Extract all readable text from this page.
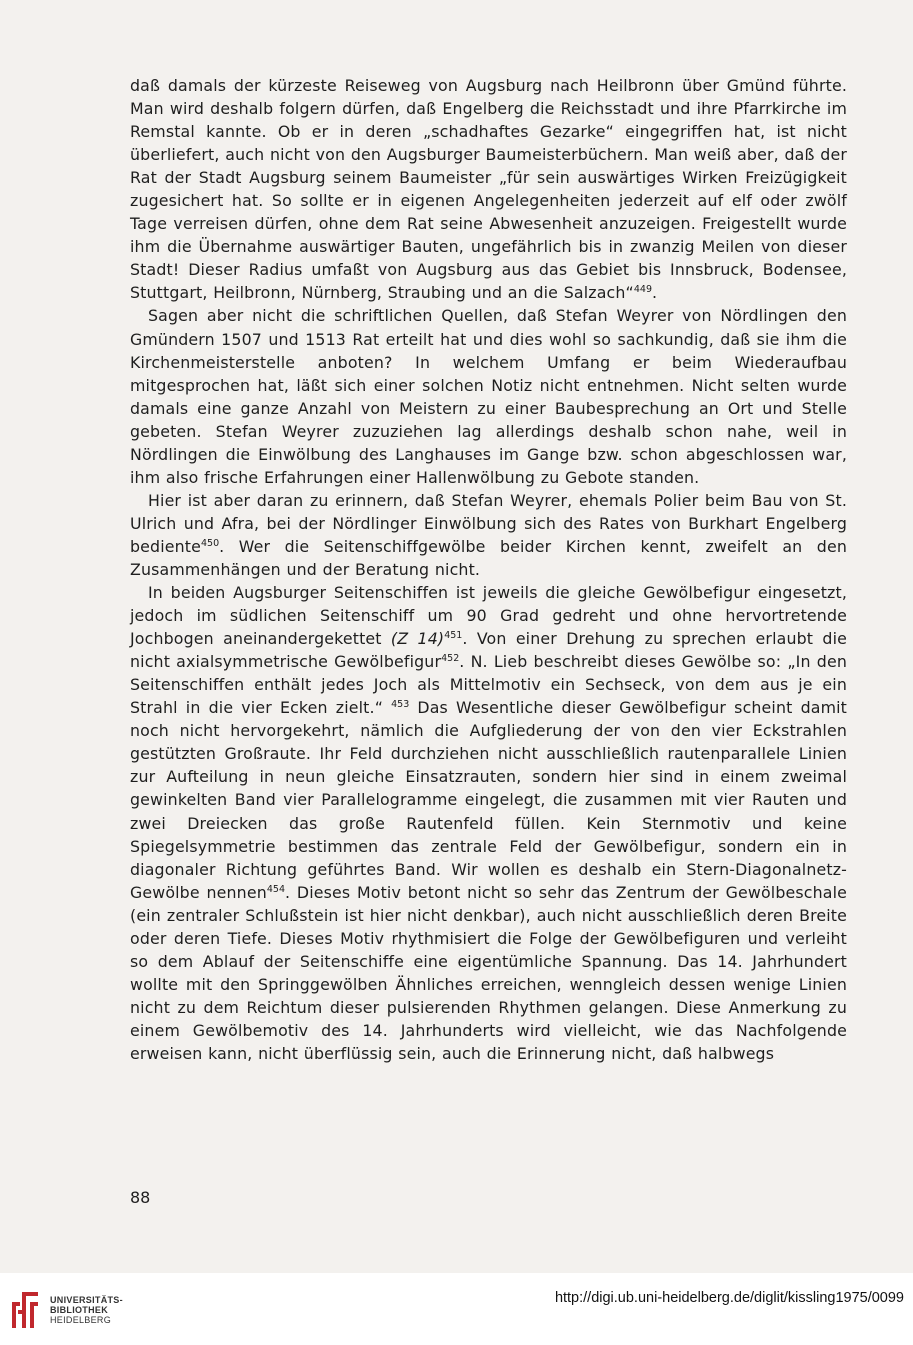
daß damals der kürzeste Reiseweg von Augsburg nach Heilbronn über Gmünd führte. Man wird deshalb folgern dürfen, daß Engelberg die Reichsstadt und ihre Pfarrkirche im Remstal kannte. Ob er in deren „schadhaftes Gezarke“ eingegriffen hat, ist nicht überliefert, auch nicht von den Augsburger Baumeisterbüchern. Man weiß aber, daß der Rat der Stadt Augsburg seinem Baumeister „für sein auswärtiges Wirken Freizügigkeit zugesichert hat. So sollte er in eigenen Angelegenheiten jederzeit auf elf oder zwölf Tage verreisen dürfen, ohne dem Rat seine Abwesenheit anzuzeigen. Freigestellt wurde ihm die Übernahme auswärtiger Bauten, ungefährlich bis in zwanzig Meilen von dieser Stadt! Dieser Radius umfaßt von Augsburg aus das Gebiet bis Innsbruck, Bodensee, Stuttgart, Heilbronn, Nürnberg, Straubing und an die Salzach“$^{449}$.

Sagen aber nicht die schriftlichen Quellen, daß Stefan Weyrer von Nördlingen den Gmündern 1507 und 1513 Rat erteilt hat und dies wohl so sachkundig, daß sie ihm die Kirchenmeisterstelle anboten? In welchem Umfang er beim Wiederaufbau mitgesprochen hat, läßt sich einer solchen Notiz nicht entnehmen. Nicht selten wurde damals eine ganze Anzahl von Meistern zu einer Baubesprechung an Ort und Stelle gebeten. Stefan Weyrer zuzuziehen lag allerdings deshalb schon nahe, weil in Nördlingen die Einwölbung des Langhauses im Gange bzw. schon abgeschlossen war, ihm also frische Erfahrungen einer Hallenwölbung zu Gebote standen.

Hier ist aber daran zu erinnern, daß Stefan Weyrer, ehemals Polier beim Bau von St. Ulrich und Afra, bei der Nördlinger Einwölbung sich des Rates von Burkhart Engelberg bediente$^{450}$. Wer die Seitenschiffgewölbe beider Kirchen kennt, zweifelt an den Zusammenhängen und der Beratung nicht.

In beiden Augsburger Seitenschiffen ist jeweils die gleiche Gewölbefigur eingesetzt, jedoch im südlichen Seitenschiff um 90 Grad gedreht und ohne hervortretende Jochbogen aneinandergekettet (Z 14)$^{451}$. Von einer Drehung zu sprechen erlaubt die nicht axialsymmetrische Gewölbefigur$^{452}$. N. Lieb beschreibt dieses Gewölbe so: „In den Seitenschiffen enthält jedes Joch als Mittelmotiv ein Sechseck, von dem aus je ein Strahl in die vier Ecken zielt.“ $^{453}$ Das Wesentliche dieser Gewölbefigur scheint damit noch nicht hervorgekehrt, nämlich die Aufgliederung der von den vier Eckstrahlen gestützten Großraute. Ihr Feld durchziehen nicht ausschließlich rautenparallele Linien zur Aufteilung in neun gleiche Einsatzrauten, sondern hier sind in einem zweimal gewinkelten Band vier Parallelogramme eingelegt, die zusammen mit vier Rauten und zwei Dreiecken das große Rautenfeld füllen. Kein Sternmotiv und keine Spiegelsymmetrie bestimmen das zentrale Feld der Gewölbefigur, sondern ein in diagonaler Richtung geführtes Band. Wir wollen es deshalb ein Stern-Diagonalnetz-Gewölbe nennen$^{454}$. Dieses Motiv betont nicht so sehr das Zentrum der Gewölbeschale (ein zentraler Schlußstein ist hier nicht denkbar), auch nicht ausschließlich deren Breite oder deren Tiefe. Dieses Motiv rhythmisiert die Folge der Gewölbefiguren und verleiht so dem Ablauf der Seitenschiffe eine eigentümliche Spannung. Das 14. Jahrhundert wollte mit den Springgewölben Ähnliches erreichen, wenngleich dessen wenige Linien nicht zu dem Reichtum dieser pulsierenden Rhythmen gelangen. Diese Anmerkung zu einem Gewölbemotiv des 14. Jahrhunderts wird vielleicht, wie das Nachfolgende erweisen kann, nicht überflüssig sein, auch die Erinnerung nicht, daß halbwegs

88
UNIVERSITÄTS-
BIBLIOTHEK
HEIDELBERG
http://digi.ub.uni-heidelberg.de/diglit/kissling1975/0099
